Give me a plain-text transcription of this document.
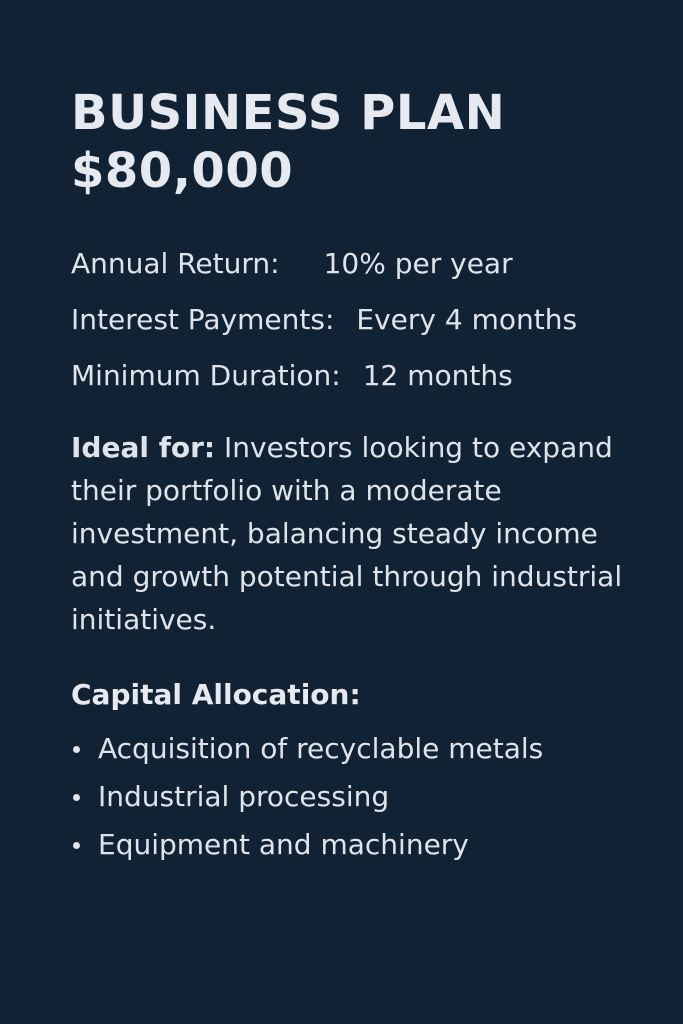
BUSINESS PLAN
$80,000
Annual Return: 10% per year
Interest Payments: Every 4 months
Minimum Duration: 12 months

Ideal for: Investors looking to expand their portfolio with a moderate investment, balancing steady income and growth potential through industrial initiatives.

Capital Allocation:
Acquisition of recyclable metals
Industrial processing
Equipment and machinery
